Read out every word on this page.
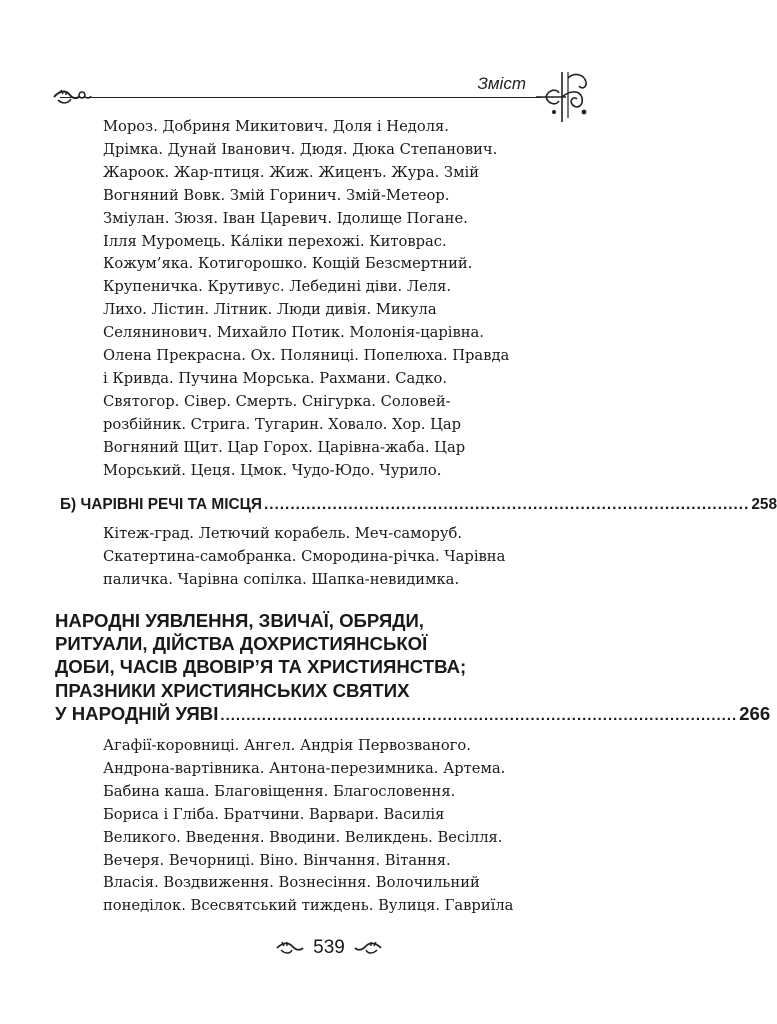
Зміст

Мороз. Добриня Микитович. Доля і Недоля.

Дрімка. Дунай Іванович. Дюдя. Дюка Степанович.

Жароок. Жар-птиця. Жиж. Жиценъ. Жура. Змій

Вогняний Вовк. Змій Горинич. Змій-Метеор.

Зміулан. Зюзя. Іван Царевич. Ідолище Погане.

Ілля Муромець. Ка́ліки перехожі. Китоврас.

Кожум’яка. Котигорошко. Кощій Безсмертний.

Крупеничка. Крутивус. Лебедині діви. Леля.

Лихо. Лістин. Літник. Люди дивія. Микула

Селянинович. Михайло Потик. Молонія-царівна.

Олена Прекрасна. Ох. Поляниці. Попелюха. Правда

і Кривда. Пучина Морська. Рахмани. Садко.

Святогор. Сівер. Смерть. Снігурка. Соловей-

розбійник. Стрига. Тугарин. Ховало. Хор. Цар

Вогняний Щит. Цар Горох. Царівна-жаба. Цар

Морський. Цеця. Цмок. Чудо-Юдо. Чурило.

Б) ЧАРІВНІ РЕЧІ ТА МІСЦЯ ............................................................................................ 258

Кітеж-град. Летючий корабель. Меч-саморуб.

Скатертина-самобранка. Смородина-річка. Чарівна

паличка. Чарівна сопілка. Шапка-невидимка.

НАРОДНІ УЯВЛЕННЯ, ЗВИЧАЇ, ОБРЯДИ,
РИТУАЛИ, ДІЙСТВА ДОХРИСТИЯНСЬКОЇ
ДОБИ, ЧАСІВ ДВОВІР’Я ТА ХРИСТИЯНСТВА;
ПРАЗНИКИ ХРИСТИЯНСЬКИХ СВЯТИХ
У НАРОДНІЙ УЯВІ .................................................................................................... 266

Агафії-коровниці. Ангел. Андрія Первозваного.

Андрона-вартівника. Антона-перезимника. Артема.

Бабина каша. Благовіщення. Благословення.

Бориса і Гліба. Братчини. Варвари. Василія

Великого. Введення. Вводини. Великдень. Весілля.

Вечеря. Вечорниці. Віно. Вінчання. Вітання.

Власія. Воздвиження. Вознесіння. Волочильний

понеділок. Всесвятський тиждень. Вулиця. Гавриїла

539
